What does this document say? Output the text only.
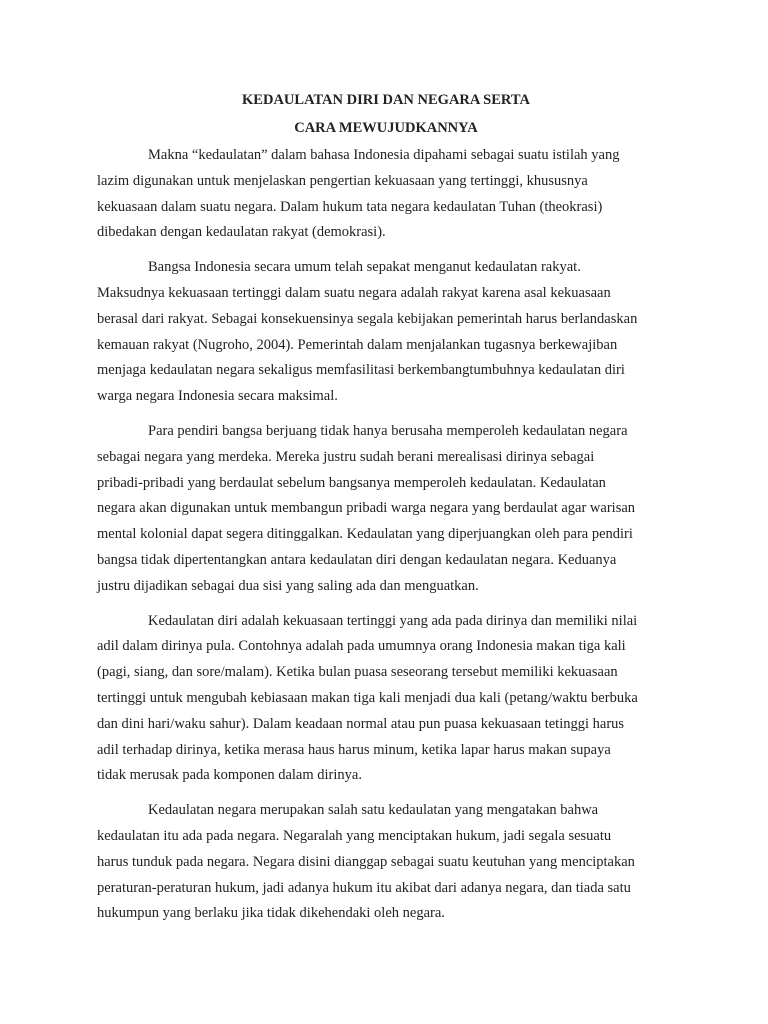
KEDAULATAN DIRI DAN NEGARA SERTA
CARA MEWUJUDKANNYA
Makna “kedaulatan” dalam bahasa Indonesia dipahami sebagai suatu istilah yang
lazim digunakan untuk menjelaskan pengertian kekuasaan yang tertinggi, khususnya
kekuasaan dalam suatu negara. Dalam hukum tata negara kedaulatan Tuhan (theokrasi)
dibedakan dengan kedaulatan rakyat (demokrasi).
Bangsa Indonesia secara umum telah sepakat menganut kedaulatan rakyat.
Maksudnya kekuasaan tertinggi dalam suatu negara adalah rakyat karena asal kekuasaan
berasal dari rakyat. Sebagai konsekuensinya segala kebijakan pemerintah harus berlandaskan
kemauan rakyat (Nugroho, 2004). Pemerintah dalam menjalankan tugasnya berkewajiban
menjaga kedaulatan negara sekaligus memfasilitasi berkembangtumbuhnya kedaulatan diri
warga negara Indonesia secara maksimal.
Para pendiri bangsa berjuang tidak hanya berusaha memperoleh kedaulatan negara
sebagai negara yang merdeka. Mereka justru sudah berani merealisasi dirinya sebagai
pribadi-pribadi yang berdaulat sebelum bangsanya memperoleh kedaulatan. Kedaulatan
negara akan digunakan untuk membangun pribadi warga negara yang berdaulat agar warisan
mental kolonial dapat segera ditinggalkan. Kedaulatan yang diperjuangkan oleh para pendiri
bangsa tidak dipertentangkan antara kedaulatan diri dengan kedaulatan negara. Keduanya
justru dijadikan sebagai dua sisi yang saling ada dan menguatkan.
Kedaulatan diri adalah kekuasaan tertinggi yang ada pada dirinya dan memiliki nilai
adil dalam dirinya pula. Contohnya adalah pada umumnya orang Indonesia makan tiga kali
(pagi, siang, dan sore/malam). Ketika bulan puasa seseorang tersebut memiliki kekuasaan
tertinggi untuk mengubah kebiasaan makan tiga kali menjadi dua kali (petang/waktu berbuka
dan dini hari/waku sahur). Dalam keadaan normal atau pun puasa kekuasaan tetinggi harus
adil terhadap dirinya, ketika merasa haus harus minum, ketika lapar harus makan supaya
tidak merusak pada komponen dalam dirinya.
Kedaulatan negara merupakan salah satu kedaulatan yang mengatakan bahwa
kedaulatan itu ada pada negara. Negaralah yang menciptakan hukum, jadi segala sesuatu
harus tunduk pada negara. Negara disini dianggap sebagai suatu keutuhan yang menciptakan
peraturan-peraturan hukum, jadi adanya hukum itu akibat dari adanya negara, dan tiada satu
hukumpun yang berlaku jika tidak dikehendaki oleh negara.
